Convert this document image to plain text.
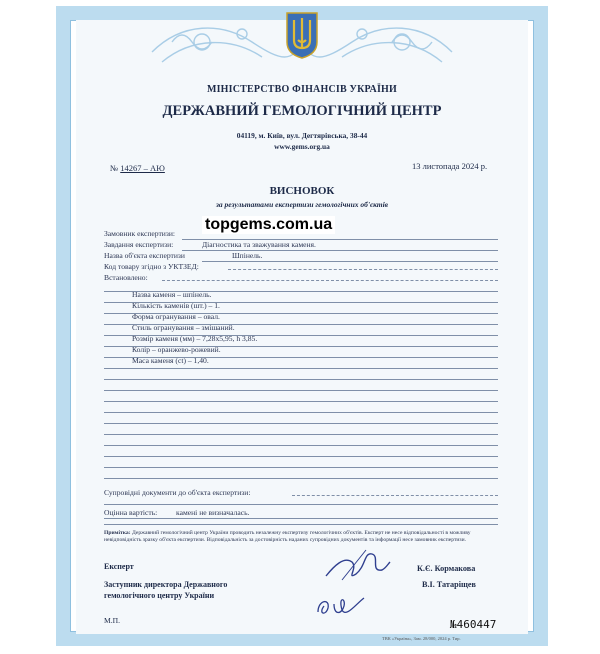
МІНІСТЕРСТВО ФІНАНСІВ УКРАЇНИ
ДЕРЖАВНИЙ ГЕМОЛОГІЧНИЙ ЦЕНТР
04119, м. Київ, вул. Дегтярівська, 38-44
www.gems.org.ua
№ 14267 – АЮ	13 листопада 2024 р.
ВИСНОВОК
за результатами експертизи гемологічних об'єктів
topgems.com.ua
Замовник експертизи:
Завдання експертизи:	Діагностика та зважування каменя.
Назва об'єкта експертизи	Шпінель.
Код товару згідно з УКТЗЕД:
Встановлено:
Назва каменя – шпінель.
Кількість каменів (шт.) – 1.
Форма огранування – овал.
Стиль огранування – змішаний.
Розмір каменя (мм) – 7,28х5,95, h 3,85.
Колір – оранжево-рожевий.
Маса каменя (ct) – 1,40.
Супровідні документи до об'єкта експертизи:
Оцінна вартість: камені не визначалась.
Примітка: Державний гемологічний центр України проводить незалежну експертизу гемологічних об'єктів. Експерт не несе відповідальності в можливу невідповідність зразку об'єкта експертизи. Відповідальність за достовірність наданих супровідних документів та інформації несе замовник експертизи.
Експерт	К.Є. Кормакова
Заступник директора Державного
гемологічного центру України
В.І. Татаріщев
М.П.	№460447
ТВК «Україна», Зам. 28/000, 2024 р. Тир.
